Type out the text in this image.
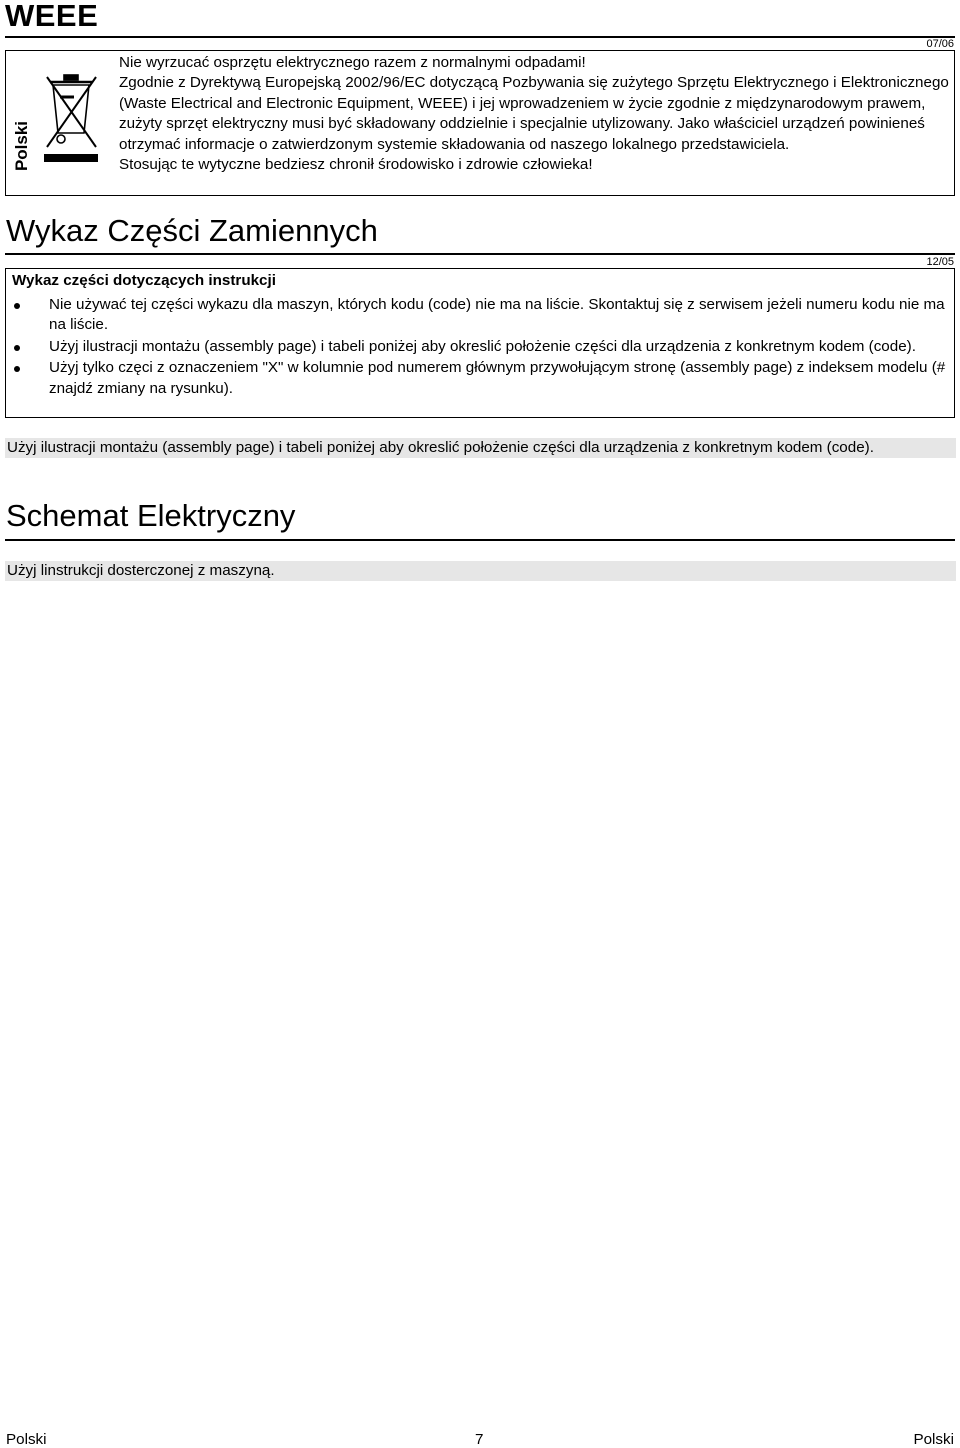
WEEE
07/06
Polski

Nie wyrzucać osprzętu elektrycznego razem z normalnymi odpadami!

Zgodnie z Dyrektywą Europejską 2002/96/EC dotyczącą Pozbywania się zużytego Sprzętu Elektrycznego i Elektronicznego (Waste Electrical and Electronic Equipment, WEEE) i jej wprowadzeniem w życie zgodnie z międzynarodowym prawem, zużyty sprzęt elektryczny musi być składowany oddzielnie i specjalnie utylizowany. Jako właściciel urządzeń powinieneś otrzymać informacje o zatwierdzonym systemie składowania od naszego lokalnego przedstawiciela.

Stosując te wytyczne bedziesz chronił środowisko i zdrowie człowieka!

Wykaz Części Zamiennych
12/05
Wykaz części dotyczących instrukcji
Nie używać tej części wykazu dla maszyn, których kodu (code) nie ma na liście. Skontaktuj się z serwisem jeżeli numeru kodu nie ma na liście.
Użyj ilustracji montażu (assembly page) i tabeli poniżej aby okreslić położenie części dla urządzenia z konkretnym kodem (code).
Użyj tylko częci z oznaczeniem "X" w kolumnie pod numerem głównym przywołującym stronę (assembly page) z indeksem modelu (# znajdź zmiany na rysunku).

Użyj ilustracji montażu (assembly page) i tabeli poniżej aby okreslić położenie części dla urządzenia z konkretnym kodem (code).

Schemat Elektryczny

Użyj linstrukcji dosterczonej z maszyną.

Polski	7	Polski
